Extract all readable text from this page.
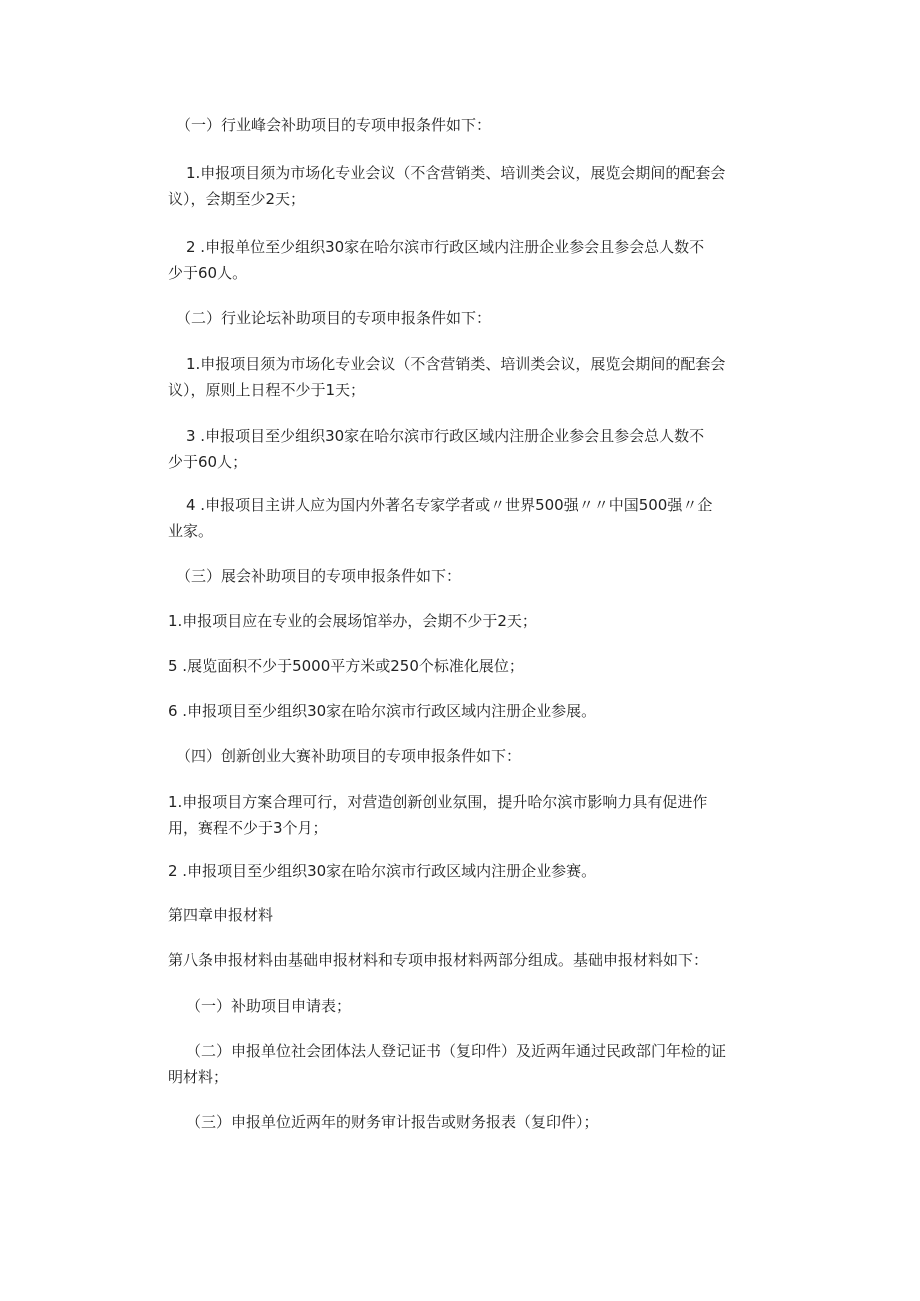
（一）行业峰会补助项目的专项申报条件如下：

1.申报项目须为市场化专业会议（不含营销类、培训类会议，展览会期间的配套会
议），会期至少2天；

2 .申报单位至少组织30家在哈尔滨市行政区域内注册企业参会且参会总人数不
少于60人。

（二）行业论坛补助项目的专项申报条件如下：

1.申报项目须为市场化专业会议（不含营销类、培训类会议，展览会期间的配套会
议），原则上日程不少于1天；

3 .申报项目至少组织30家在哈尔滨市行政区域内注册企业参会且参会总人数不
少于60人；

4 .申报项目主讲人应为国内外著名专家学者或〃世界500强〃〃中国500强〃企
业家。

（三）展会补助项目的专项申报条件如下：

1.申报项目应在专业的会展场馆举办，会期不少于2天；

5 .展览面积不少于5000平方米或250个标准化展位；

6 .申报项目至少组织30家在哈尔滨市行政区域内注册企业参展。

（四）创新创业大赛补助项目的专项申报条件如下：

1.申报项目方案合理可行，对营造创新创业氛围，提升哈尔滨市影响力具有促进作
用，赛程不少于3个月；

2 .申报项目至少组织30家在哈尔滨市行政区域内注册企业参赛。

第四章申报材料

第八条申报材料由基础申报材料和专项申报材料两部分组成。基础申报材料如下：

（一）补助项目申请表；

（二）申报单位社会团体法人登记证书（复印件）及近两年通过民政部门年检的证
明材料；

（三）申报单位近两年的财务审计报告或财务报表（复印件）；
